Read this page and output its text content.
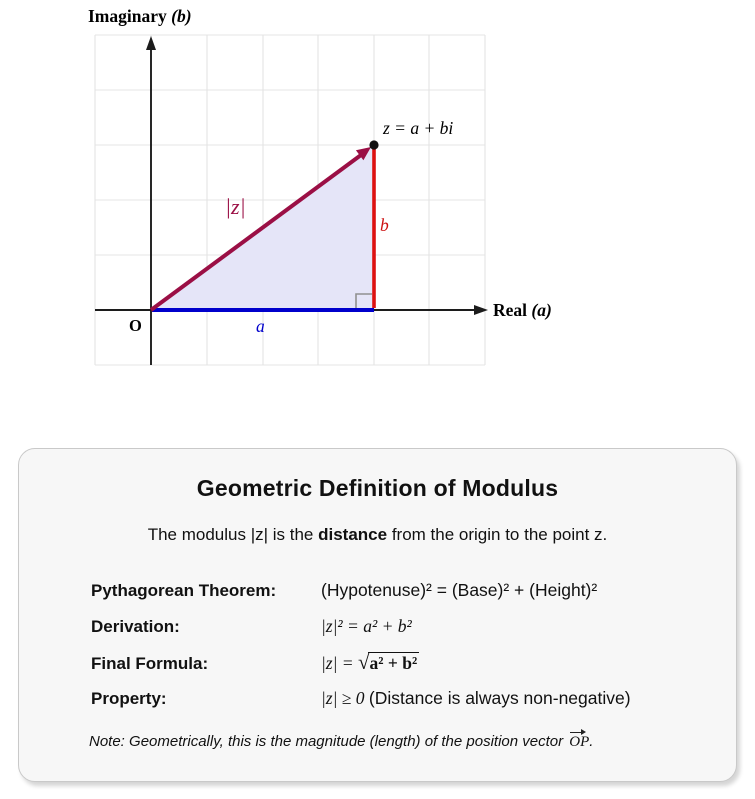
Imaginary (b)
Real (a)
z = a + bi
|z|
b
a
O
Geometric Definition of Modulus
The modulus |z| is the distance from the origin to the point z.
Pythagorean Theorem:	(Hypotenuse)² = (Base)² + (Height)²
Derivation:	|z|² = a² + b²
Final Formula:	|z| = √a² + b²
Property:	|z| ≥ 0 (Distance is always non-negative)
Note: Geometrically, this is the magnitude (length) of the position vector OP.
